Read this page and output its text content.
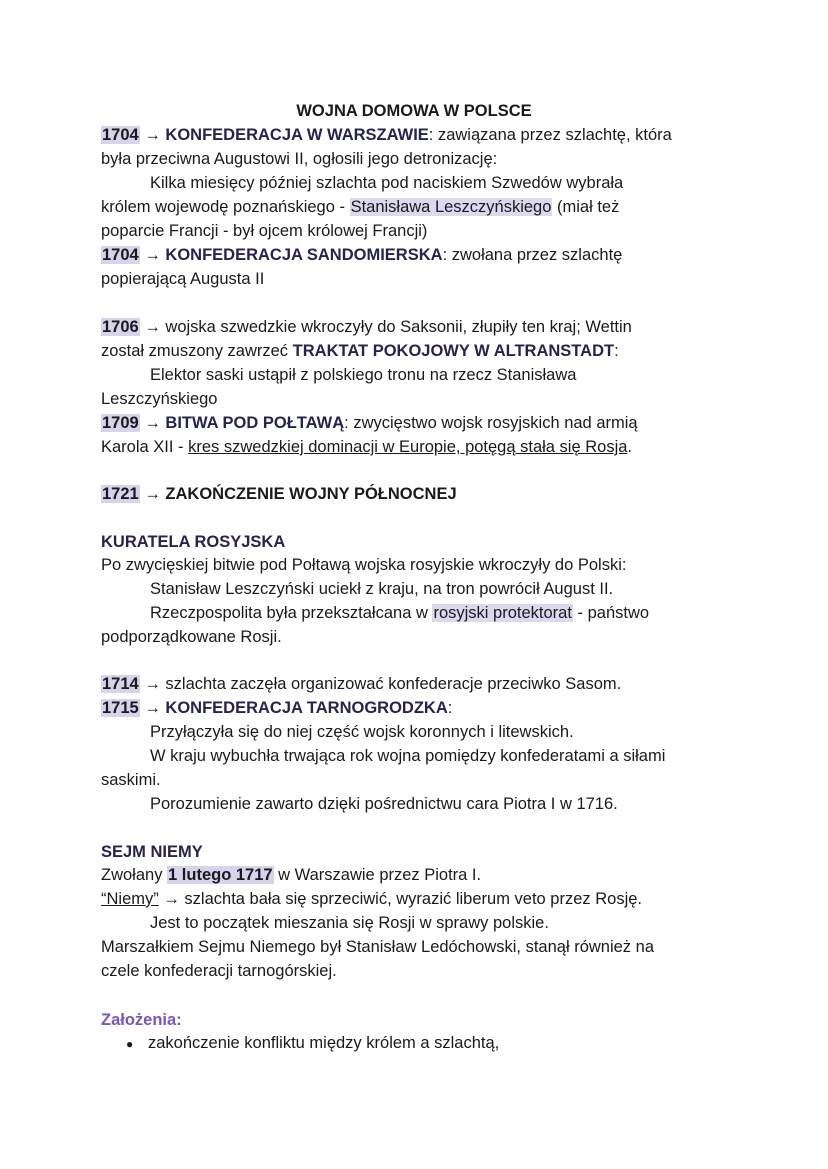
WOJNA DOMOWA W POLSCE
1704 → KONFEDERACJA W WARSZAWIE: zawiązana przez szlachtę, która
była przeciwna Augustowi II, ogłosili jego detronizację:
Kilka miesięcy później szlachta pod naciskiem Szwedów wybrała
królem wojewodę poznańskiego - Stanisława Leszczyńskiego (miał też
poparcie Francji - był ojcem królowej Francji)
1704 → KONFEDERACJA SANDOMIERSKA: zwołana przez szlachtę
popierającą Augusta II
1706 → wojska szwedzkie wkroczyły do Saksonii, złupiły ten kraj; Wettin
został zmuszony zawrzeć TRAKTAT POKOJOWY W ALTRANSTADT:
Elektor saski ustąpił z polskiego tronu na rzecz Stanisława
Leszczyńskiego
1709 → BITWA POD POŁTAWĄ: zwycięstwo wojsk rosyjskich nad armią
Karola XII - kres szwedzkiej dominacji w Europie, potęgą stała się Rosja.
1721 → ZAKOŃCZENIE WOJNY PÓŁNOCNEJ
KURATELA ROSYJSKA
Po zwycięskiej bitwie pod Połtawą wojska rosyjskie wkroczyły do Polski:
Stanisław Leszczyński uciekł z kraju, na tron powrócił August II.
Rzeczpospolita była przekształcana w rosyjski protektorat - państwo
podporządkowane Rosji.
1714 → szlachta zaczęła organizować konfederacje przeciwko Sasom.
1715 → KONFEDERACJA TARNOGRODZKA:
Przyłączyła się do niej część wojsk koronnych i litewskich.
W kraju wybuchła trwająca rok wojna pomiędzy konfederatami a siłami
saskimi.
Porozumienie zawarto dzięki pośrednictwu cara Piotra I w 1716.
SEJM NIEMY
Zwołany 1 lutego 1717 w Warszawie przez Piotra I.
“Niemy” → szlachta bała się sprzeciwić, wyrazić liberum veto przez Rosję.
Jest to początek mieszania się Rosji w sprawy polskie.
Marszałkiem Sejmu Niemego był Stanisław Ledóchowski, stanął również na
czele konfederacji tarnogórskiej.
Założenia:
● zakończenie konfliktu między królem a szlachtą,
